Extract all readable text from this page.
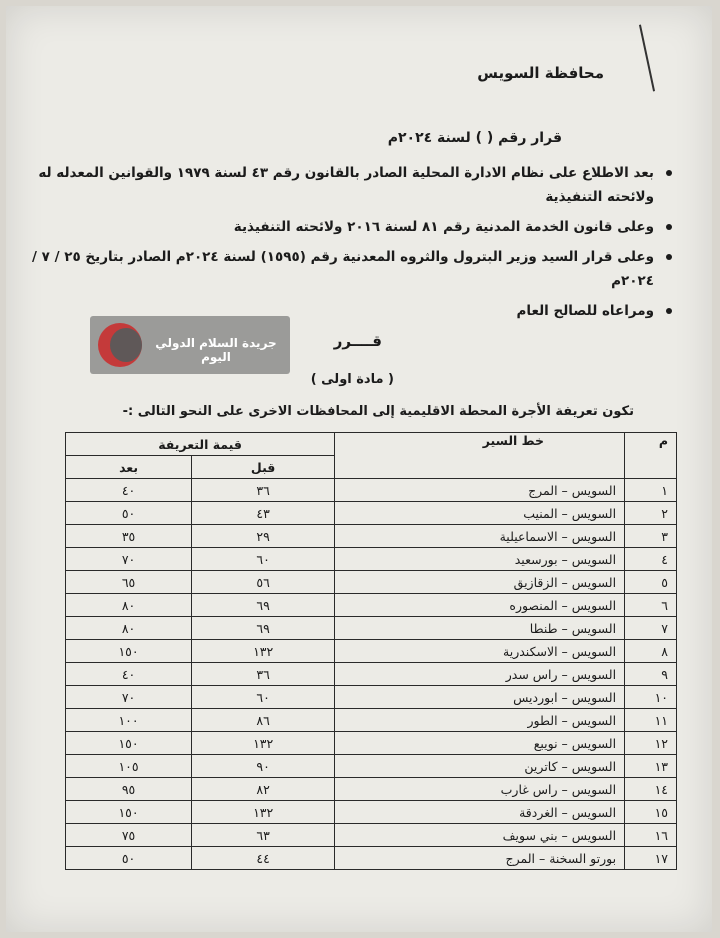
محافظة السويس
قرار رقم ( ) لسنة ٢٠٢٤م
بعد الاطلاع على نظام الادارة المحلية الصادر بالقانون رقم ٤٣ لسنة ١٩٧٩ والقوانين المعدله له ولائحته التنفيذية
وعلى قانون الخدمة المدنية رقم ٨١ لسنة ٢٠١٦ ولائحته التنفيذية
وعلى قرار السيد وزير البترول والثروه المعدنية رقم (١٥٩٥) لسنة ٢٠٢٤م الصادر بتاريخ ٢٥ / ٧ / ٢٠٢٤م
ومراعاه للصالح العام
جريدة السلام الدولي اليوم
قــــرر
( مادة اولى )
تكون تعريفة الأجرة المحطة الاقليمية إلى المحافظات الاخرى على النحو التالى :-
م	خط السير	قيمة التعريفة	
		قبل	بعد
١	السويس – المرج	٣٦	٤٠
٢	السويس – المنيب	٤٣	٥٠
٣	السويس – الاسماعيلية	٢٩	٣٥
٤	السويس – بورسعيد	٦٠	٧٠
٥	السويس – الزقازيق	٥٦	٦٥
٦	السويس – المنصوره	٦٩	٨٠
٧	السويس – طنطا	٦٩	٨٠
٨	السويس – الاسكندرية	١٣٢	١٥٠
٩	السويس – راس سدر	٣٦	٤٠
١٠	السويس – ابورديس	٦٠	٧٠
١١	السويس – الطور	٨٦	١٠٠
١٢	السويس – نويبع	١٣٢	١٥٠
١٣	السويس – كاترين	٩٠	١٠٥
١٤	السويس – راس غارب	٨٢	٩٥
١٥	السويس – الغردقة	١٣٢	١٥٠
١٦	السويس – بني سويف	٦٣	٧٥
١٧	بورتو السخنة – المرج	٤٤	٥٠
